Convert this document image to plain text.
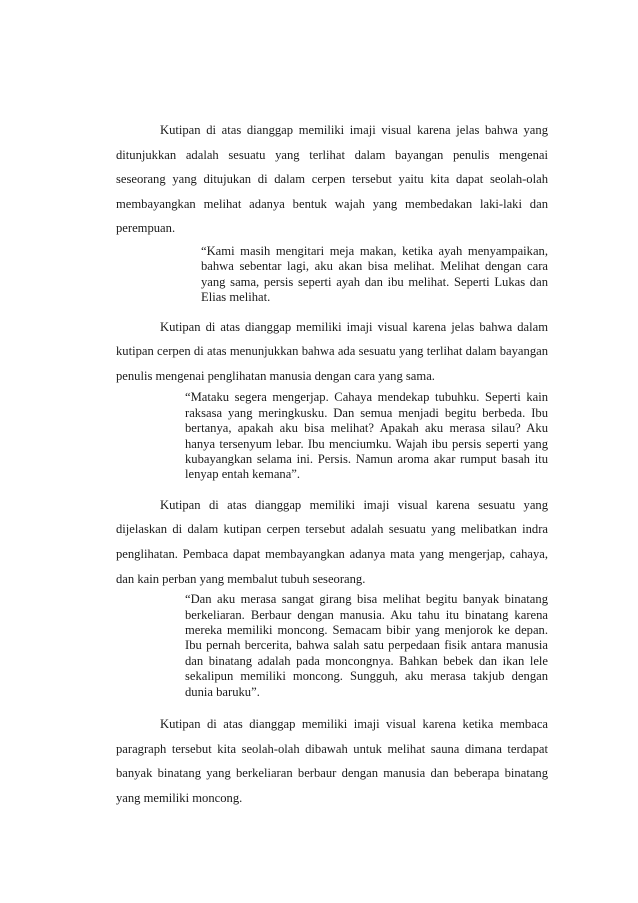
Kutipan di atas dianggap memiliki imaji visual karena jelas bahwa yang ditunjukkan adalah sesuatu yang terlihat dalam bayangan penulis mengenai seseorang yang ditujukan di dalam cerpen tersebut yaitu kita dapat seolah-olah membayangkan melihat adanya bentuk wajah yang membedakan laki-laki dan perempuan.

“Kami masih mengitari meja makan, ketika ayah menyampaikan, bahwa sebentar lagi, aku akan bisa melihat. Melihat dengan cara yang sama, persis seperti ayah dan ibu melihat. Seperti Lukas dan Elias melihat.

Kutipan di atas dianggap memiliki imaji visual karena jelas bahwa dalam kutipan cerpen di atas menunjukkan bahwa ada sesuatu yang terlihat dalam bayangan penulis mengenai penglihatan manusia dengan cara yang sama.

“Mataku segera mengerjap. Cahaya mendekap tubuhku. Seperti kain raksasa yang meringkusku. Dan semua menjadi begitu berbeda. Ibu bertanya, apakah aku bisa melihat? Apakah aku merasa silau? Aku hanya tersenyum lebar. Ibu menciumku. Wajah ibu persis seperti yang kubayangkan selama ini. Persis. Namun aroma akar rumput basah itu lenyap entah kemana”.

Kutipan di atas dianggap memiliki imaji visual karena sesuatu yang dijelaskan di dalam kutipan cerpen tersebut adalah sesuatu yang melibatkan indra penglihatan. Pembaca dapat membayangkan adanya mata yang mengerjap, cahaya, dan kain perban yang membalut tubuh seseorang.

“Dan aku merasa sangat girang bisa melihat begitu banyak binatang berkeliaran. Berbaur dengan manusia. Aku tahu itu binatang karena mereka memiliki moncong. Semacam bibir yang menjorok ke depan. Ibu pernah bercerita, bahwa salah satu perpedaan fisik antara manusia dan binatang adalah pada moncongnya. Bahkan bebek dan ikan lele sekalipun memiliki moncong. Sungguh, aku merasa takjub dengan dunia baruku”.

Kutipan di atas dianggap memiliki imaji visual karena ketika membaca paragraph tersebut kita seolah-olah dibawah untuk melihat sauna dimana terdapat banyak binatang yang berkeliaran berbaur dengan manusia dan beberapa binatang yang memiliki moncong.
